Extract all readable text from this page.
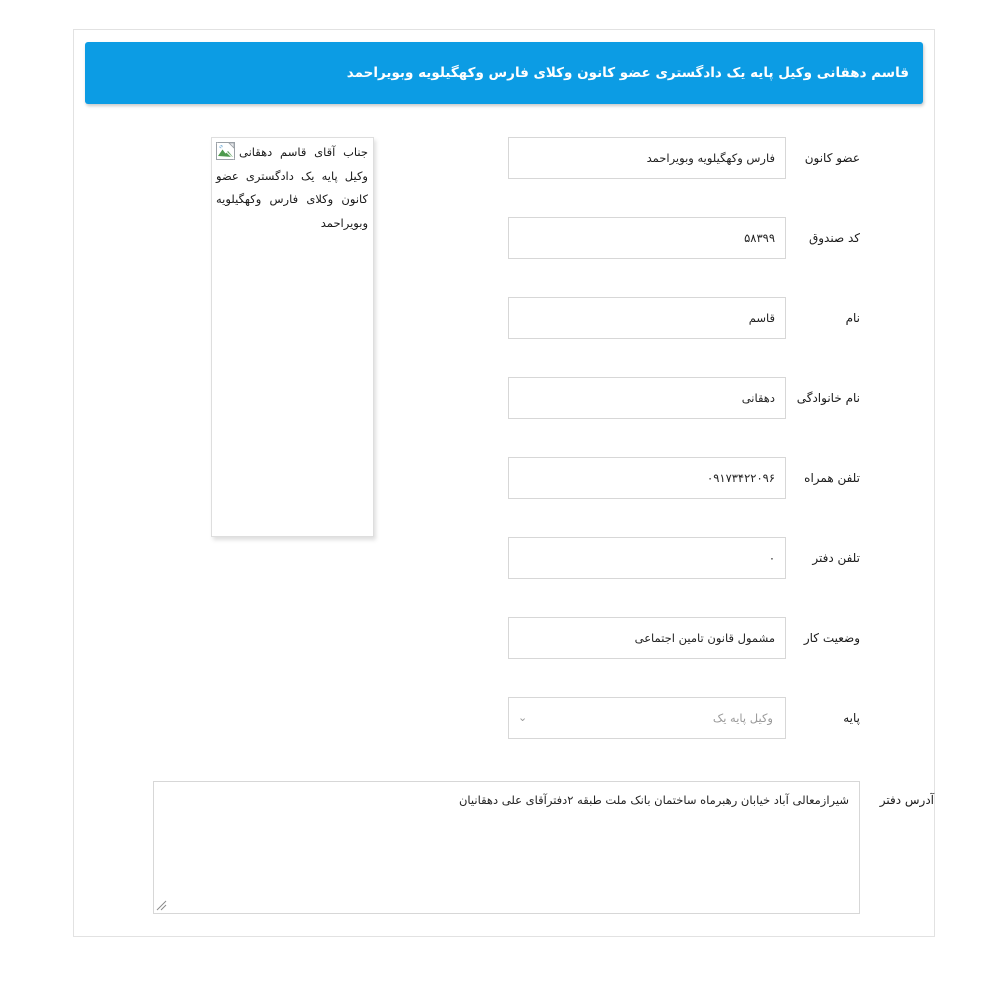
قاسم دهقانی وکیل پایه یک دادگستری عضو کانون وکلای فارس وکهگیلویه وبویراحمد
جناب آقای قاسم دهقانی وکیل پایه یک دادگستری عضو کانون وکلای فارس وکهگیلویه وبویراحمد
عضو کانون
فارس وکهگیلویه وبویراحمد
کد صندوق
۵۸۳۹۹
نام
قاسم
نام خانوادگی
دهقانی
تلفن همراه
۰۹۱۷۳۴۲۲۰۹۶
تلفن دفتر
۰
وضعیت کار
مشمول قانون تامین اجتماعی
پایه
وکیل پایه یک
⌄
آدرس دفتر
شیرازمعالی آباد خیابان رهبرماه ساختمان بانک ملت طبقه ۲دفترآقای علی دهقانیان
